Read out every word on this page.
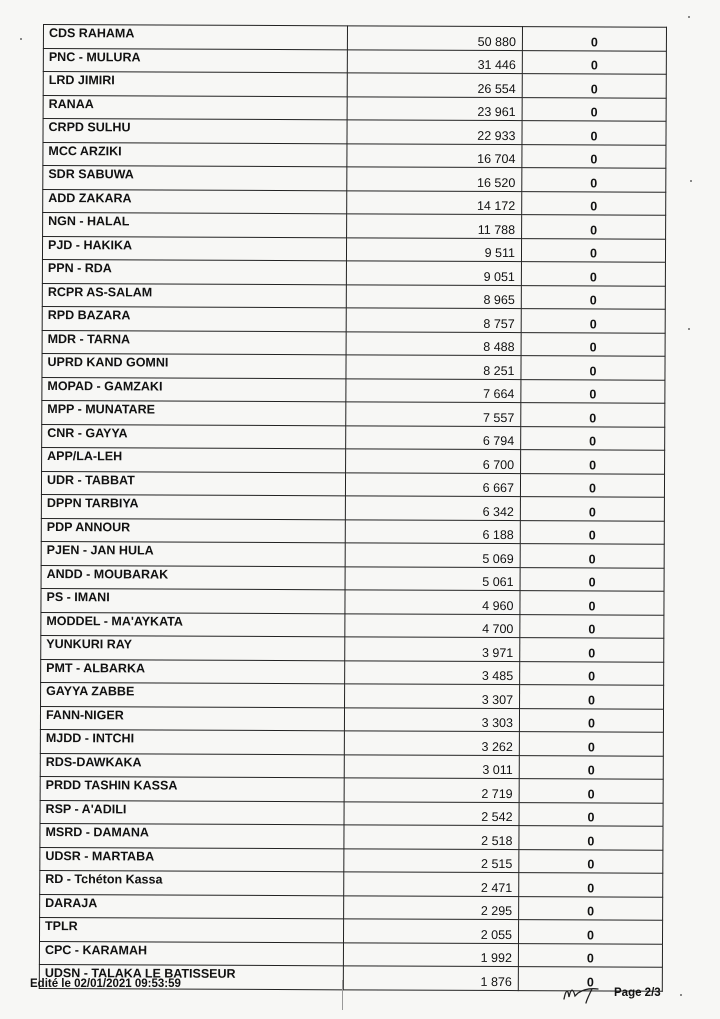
CDS RAHAMA	50 880	0
PNC - MULURA	31 446	0
LRD JIMIRI	26 554	0
RANAA	23 961	0
CRPD SULHU	22 933	0
MCC ARZIKI	16 704	0
SDR SABUWA	16 520	0
ADD ZAKARA	14 172	0
NGN - HALAL	11 788	0
PJD - HAKIKA	9 511	0
PPN - RDA	9 051	0
RCPR AS-SALAM	8 965	0
RPD BAZARA	8 757	0
MDR - TARNA	8 488	0
UPRD KAND GOMNI	8 251	0
MOPAD - GAMZAKI	7 664	0
MPP - MUNATARE	7 557	0
CNR - GAYYA	6 794	0
APP/LA-LEH	6 700	0
UDR - TABBAT	6 667	0
DPPN TARBIYA	6 342	0
PDP ANNOUR	6 188	0
PJEN - JAN HULA	5 069	0
ANDD - MOUBARAK	5 061	0
PS - IMANI	4 960	0
MODDEL - MA'AYKATA	4 700	0
YUNKURI RAY	3 971	0
PMT - ALBARKA	3 485	0
GAYYA ZABBE	3 307	0
FANN-NIGER	3 303	0
MJDD - INTCHI	3 262	0
RDS-DAWKAKA	3 011	0
PRDD TASHIN KASSA	2 719	0
RSP - A'ADILI	2 542	0
MSRD - DAMANA	2 518	0
UDSR - MARTABA	2 515	0
RD - Tchéton Kassa	2 471	0
DARAJA	2 295	0
TPLR	2 055	0
CPC - KARAMAH	1 992	0
UDSN - TALAKA LE BATISSEUR	1 876	0
Edité le 02/01/2021 09:53:59
Page 2/3
